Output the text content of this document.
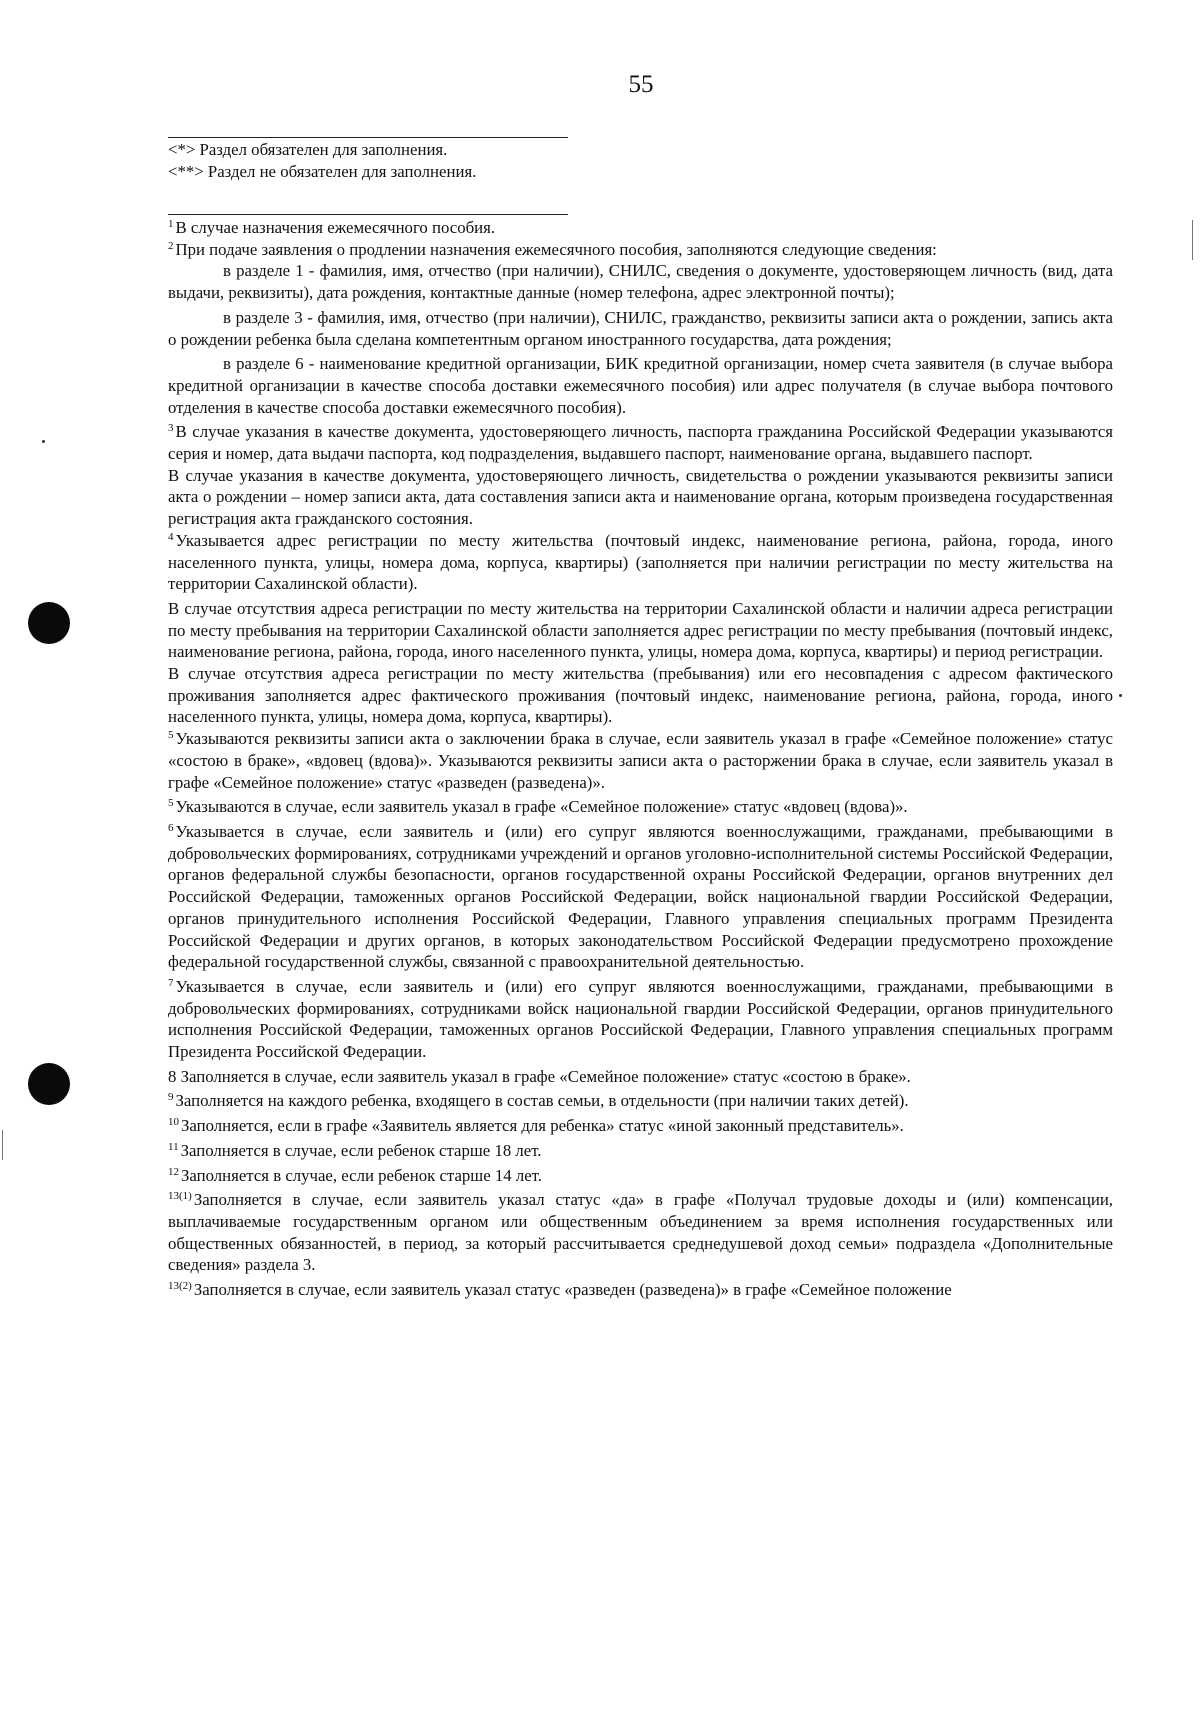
55
<*> Раздел обязателен для заполнения.
<**> Раздел не обязателен для заполнения.

$^1$ В случае назначения ежемесячного пособия.

$^2$ При подаче заявления о продлении назначения ежемесячного пособия, заполняются следующие сведения:

в разделе 1 - фамилия, имя, отчество (при наличии), СНИЛС, сведения о документе, удостоверяющем личность (вид, дата выдачи, реквизиты), дата рождения, контактные данные (номер телефона, адрес электронной почты);

в разделе 3 - фамилия, имя, отчество (при наличии), СНИЛС, гражданство, реквизиты записи акта о рождении, запись акта о рождении ребенка была сделана компетентным органом иностранного государства, дата рождения;

в разделе 6 - наименование кредитной организации, БИК кредитной организации, номер счета заявителя (в случае выбора кредитной организации в качестве способа доставки ежемесячного пособия) или адрес получателя (в случае выбора почтового отделения в качестве способа доставки ежемесячного пособия).

$^3$ В случае указания в качестве документа, удостоверяющего личность, паспорта гражданина Российской Федерации указываются серия и номер, дата выдачи паспорта, код подразделения, выдавшего паспорт, наименование органа, выдавшего паспорт.

В случае указания в качестве документа, удостоверяющего личность, свидетельства о рождении указываются реквизиты записи акта о рождении – номер записи акта, дата составления записи акта и наименование органа, которым произведена государственная регистрация акта гражданского состояния.

$^4$ Указывается адрес регистрации по месту жительства (почтовый индекс, наименование региона, района, города, иного населенного пункта, улицы, номера дома, корпуса, квартиры) (заполняется при наличии регистрации по месту жительства на территории Сахалинской области).

В случае отсутствия адреса регистрации по месту жительства на территории Сахалинской области и наличии адреса регистрации по месту пребывания на территории Сахалинской области заполняется адрес регистрации по месту пребывания (почтовый индекс, наименование региона, района, города, иного населенного пункта, улицы, номера дома, корпуса, квартиры) и период регистрации.

В случае отсутствия адреса регистрации по месту жительства (пребывания) или его несовпадения с адресом фактического проживания заполняется адрес фактического проживания (почтовый индекс, наименование региона, района, города, иного населенного пункта, улицы, номера дома, корпуса, квартиры).

$^5$ Указываются реквизиты записи акта о заключении брака в случае, если заявитель указал в графе «Семейное положение» статус «состою в браке», «вдовец (вдова)». Указываются реквизиты записи акта о расторжении брака в случае, если заявитель указал в графе «Семейное положение» статус «разведен (разведена)».

$^5$ Указываются в случае, если заявитель указал в графе «Семейное положение» статус «вдовец (вдова)».

$^6$ Указывается в случае, если заявитель и (или) его супруг являются военнослужащими, гражданами, пребывающими в добровольческих формированиях, сотрудниками учреждений и органов уголовно-исполнительной системы Российской Федерации, органов федеральной службы безопасности, органов государственной охраны Российской Федерации, органов внутренних дел Российской Федерации, таможенных органов Российской Федерации, войск национальной гвардии Российской Федерации, органов принудительного исполнения Российской Федерации, Главного управления специальных программ Президента Российской Федерации и других органов, в которых законодательством Российской Федерации предусмотрено прохождение федеральной государственной службы, связанной с правоохранительной деятельностью.

$^7$ Указывается в случае, если заявитель и (или) его супруг являются военнослужащими, гражданами, пребывающими в добровольческих формированиях, сотрудниками войск национальной гвардии Российской Федерации, органов принудительного исполнения Российской Федерации, таможенных органов Российской Федерации, Главного управления специальных программ Президента Российской Федерации.

8 Заполняется в случае, если заявитель указал в графе «Семейное положение» статус «состою в браке».

$^9$ Заполняется на каждого ребенка, входящего в состав семьи, в отдельности (при наличии таких детей).

$^{10}$ Заполняется, если в графе «Заявитель является для ребенка» статус «иной законный представитель».

$^{11}$ Заполняется в случае, если ребенок старше 18 лет.

$^{12}$ Заполняется в случае, если ребенок старше 14 лет.

$^{13(1)}$ Заполняется в случае, если заявитель указал статус «да» в графе «Получал трудовые доходы и (или) компенсации, выплачиваемые государственным органом или общественным объединением за время исполнения государственных или общественных обязанностей, в период, за который рассчитывается среднедушевой доход семьи» подраздела «Дополнительные сведения» раздела 3.

$^{13(2)}$ Заполняется в случае, если заявитель указал статус «разведен (разведена)» в графе «Семейное положение
